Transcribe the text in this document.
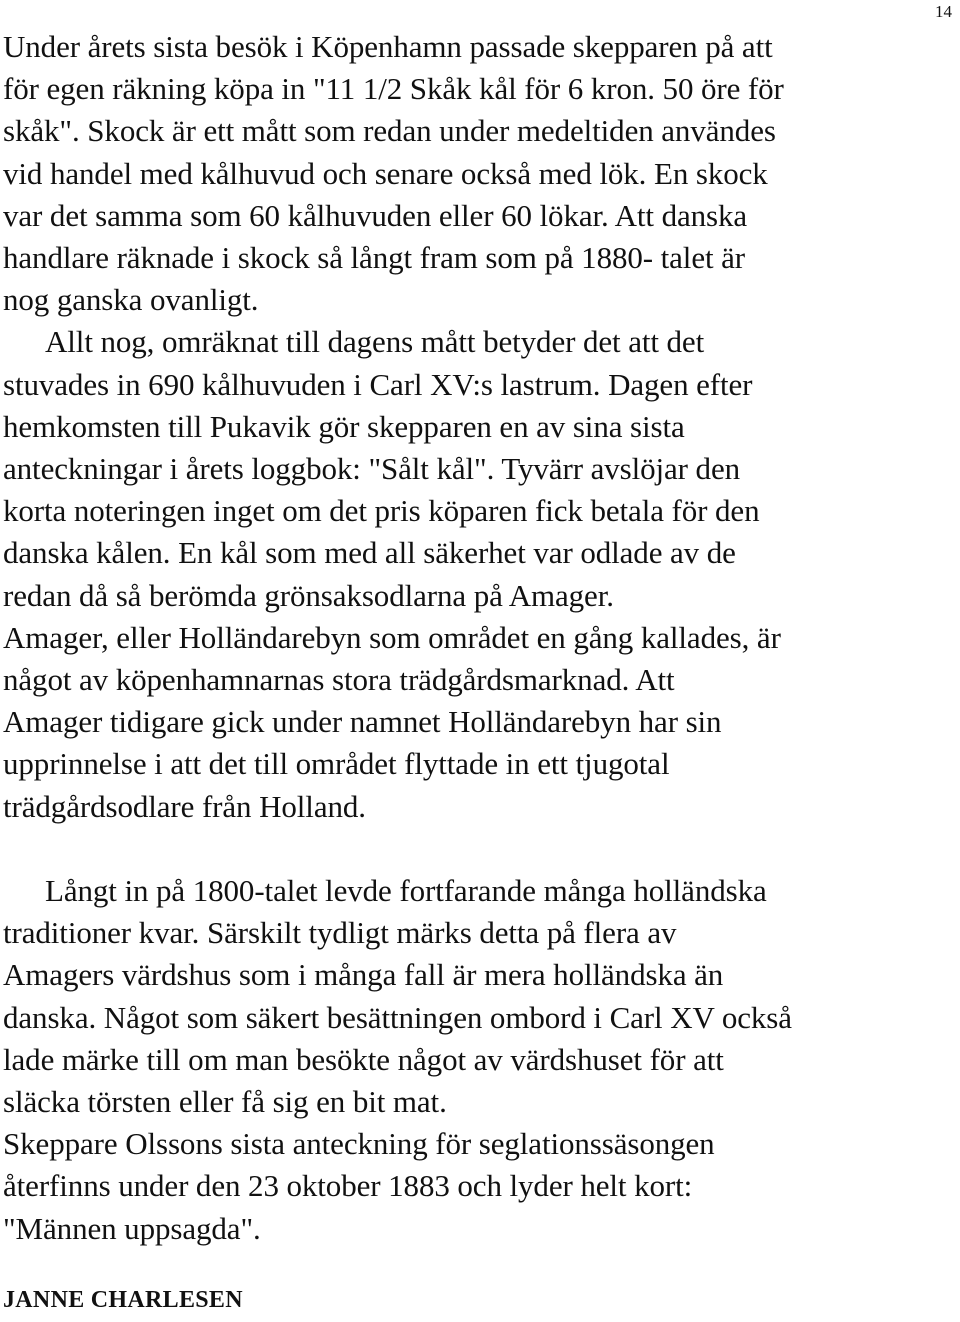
14
Under årets sista besök i Köpenhamn passade skepparen på att
för egen räkning köpa in "11 1/2 Skåk kål för 6 kron. 50 öre för
skåk". Skock är ett mått som redan under medeltiden användes
vid handel med kålhuvud och senare också med lök. En skock
var det samma som 60 kålhuvuden eller 60 lökar. Att danska
handlare räknade i skock så långt fram som på 1880- talet är
nog ganska ovanligt.
Allt nog, omräknat till dagens mått betyder det att det
stuvades in 690 kålhuvuden i Carl XV:s lastrum. Dagen efter
hemkomsten till Pukavik gör skepparen en av sina sista
anteckningar i årets loggbok: "Sålt kål". Tyvärr avslöjar den
korta noteringen inget om det pris köparen fick betala för den
danska kålen. En kål som med all säkerhet var odlade av de
redan då så berömda grönsaksodlarna på Amager.
Amager, eller Holländarebyn som området en gång kallades, är
något av köpenhamnarnas stora trädgårdsmarknad. Att
Amager tidigare gick under namnet Holländarebyn har sin
upprinnelse i att det till området flyttade in ett tjugotal
trädgårdsodlare från Holland.
Långt in på 1800-talet levde fortfarande många holländska
traditioner kvar. Särskilt tydligt märks detta på flera av
Amagers värdshus som i många fall är mera holländska än
danska. Något som säkert besättningen ombord i Carl XV också
lade märke till om man besökte något av värdshuset för att
släcka törsten eller få sig en bit mat.
Skeppare Olssons sista anteckning för seglationssäsongen
återfinns under den 23 oktober 1883 och lyder helt kort:
"Männen uppsagda".
JANNE CHARLESEN
